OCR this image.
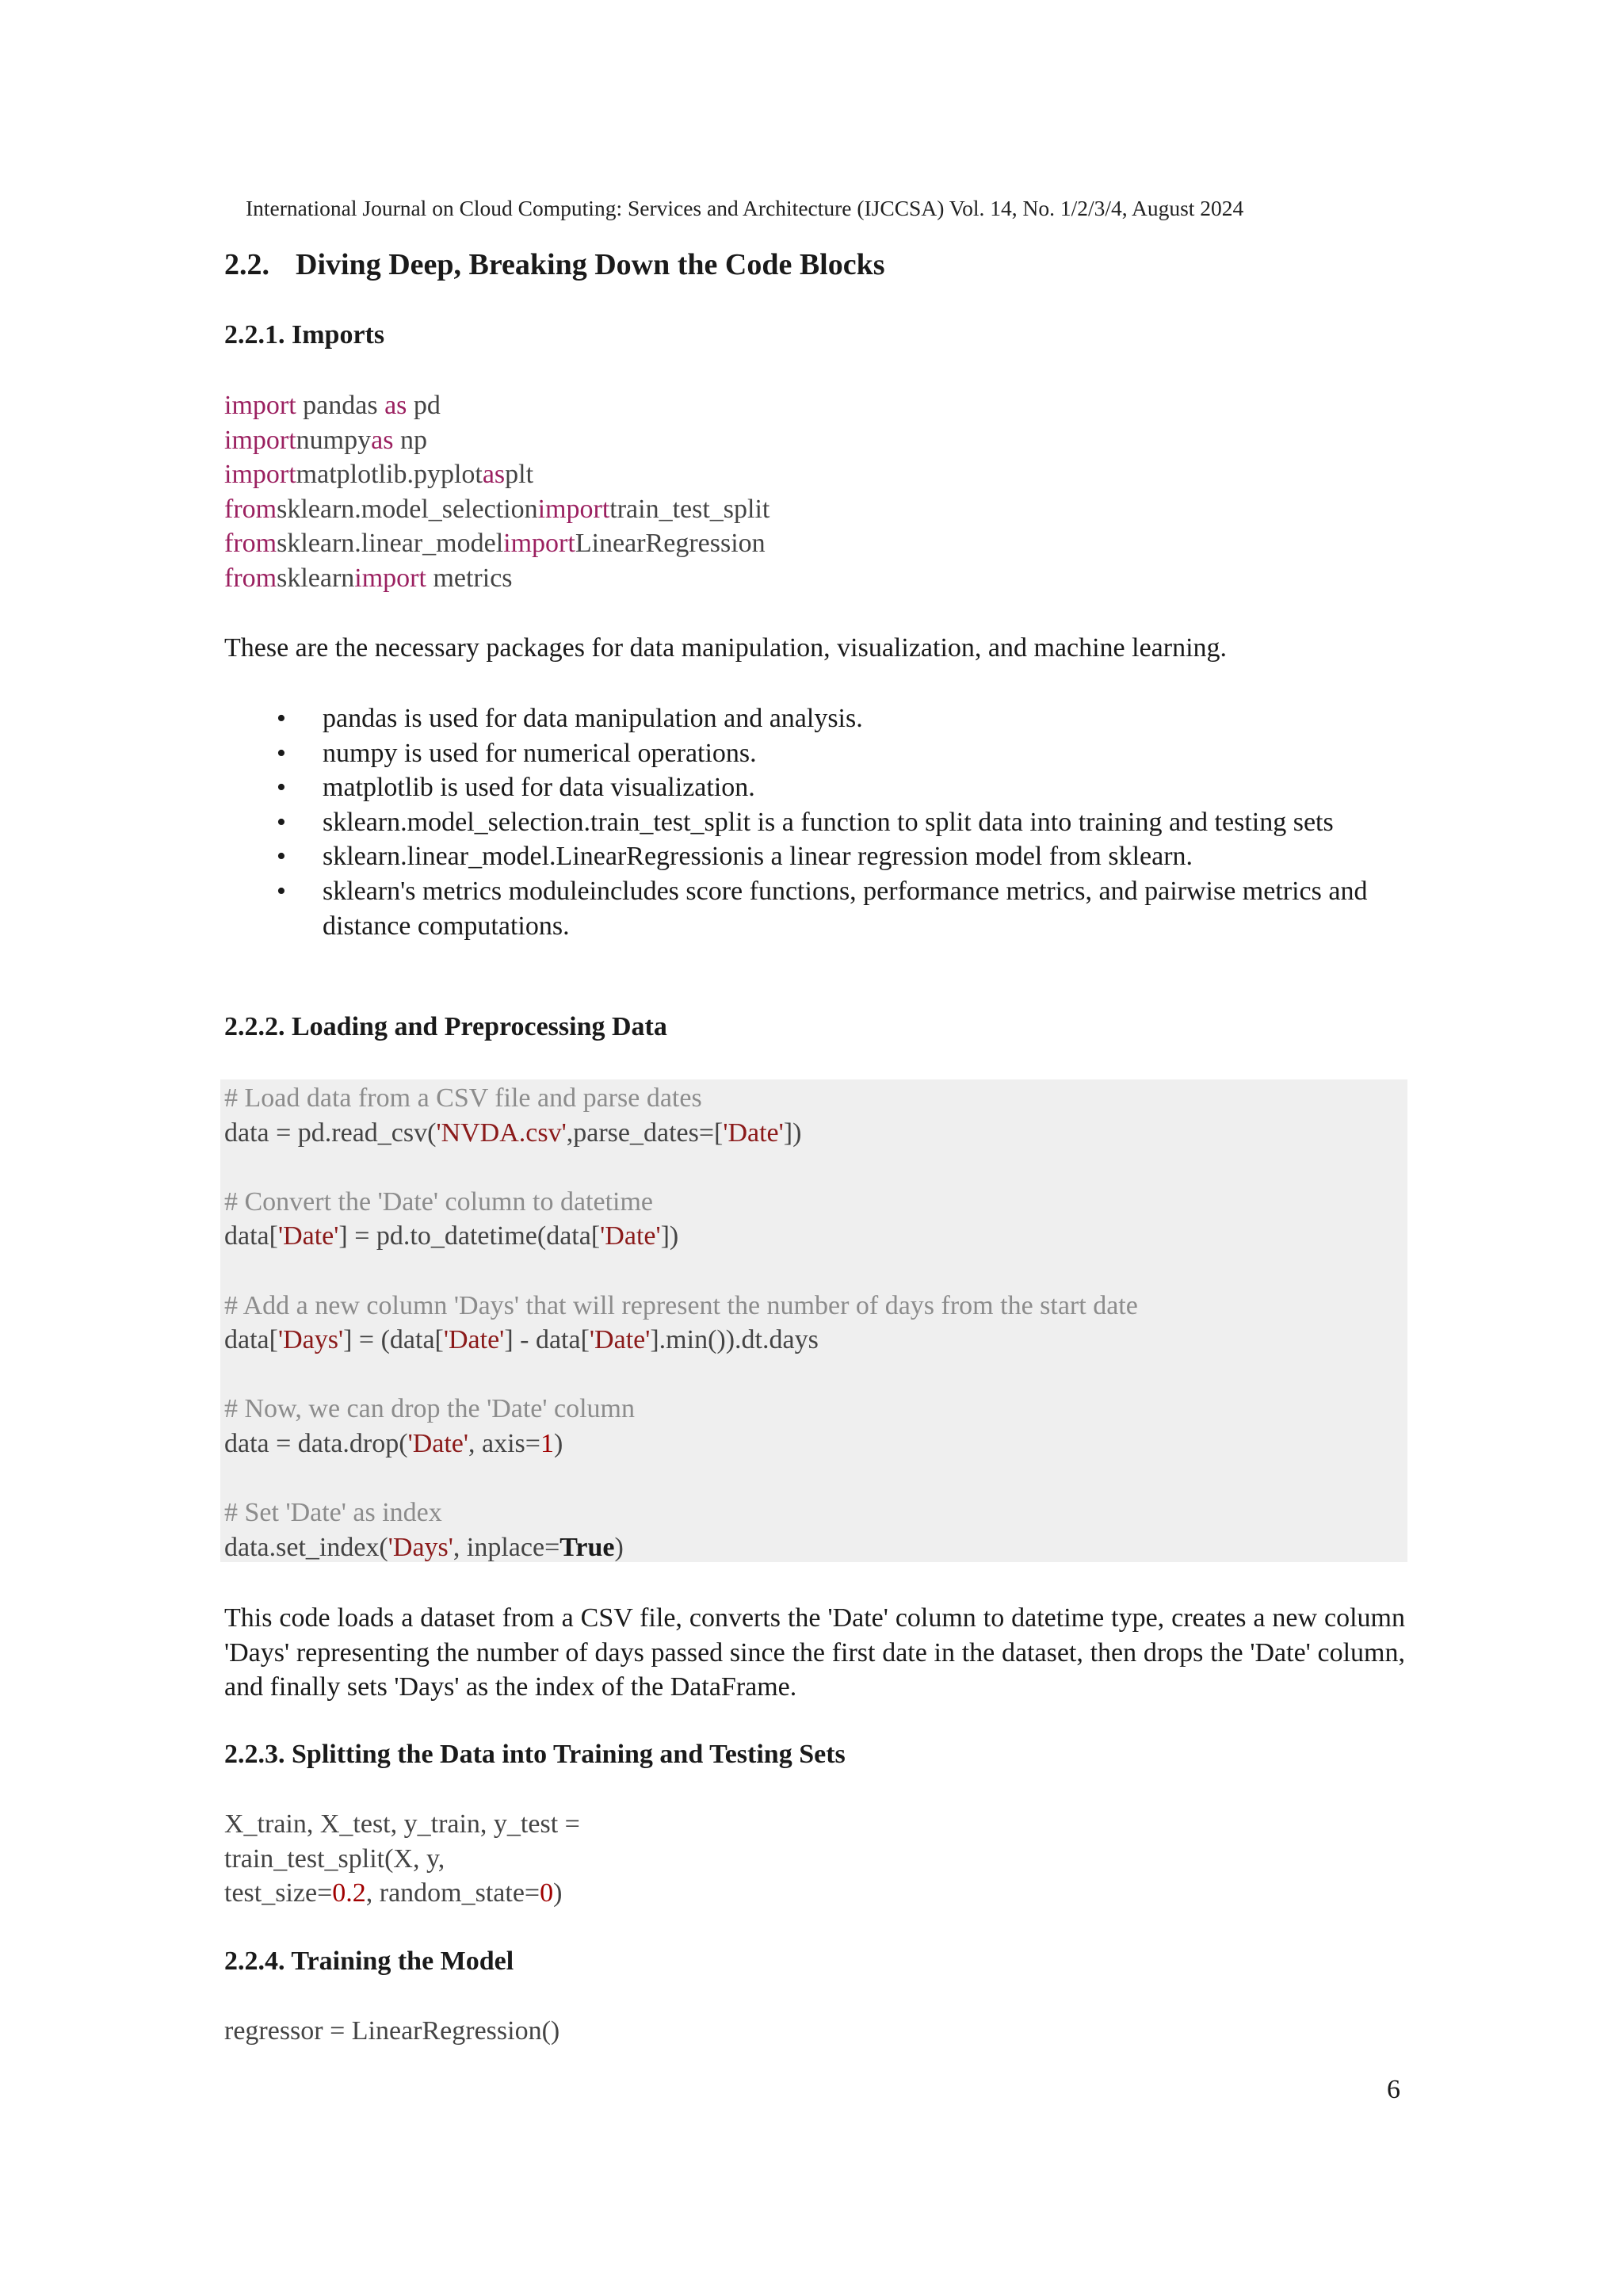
International Journal on Cloud Computing: Services and Architecture (IJCCSA) Vol. 14, No. 1/2/3/4, August 2024
2.2. Diving Deep, Breaking Down the Code Blocks
2.2.1. Imports
import pandas as pd
importnumpyas np
importmatplotlib.pyplotasplt
fromsklearn.model_selectionimporttrain_test_split
fromsklearn.linear_modelimportLinearRegression
fromsklearnimport metrics
These are the necessary packages for data manipulation, visualization, and machine learning.
• pandas is used for data manipulation and analysis.
• numpy is used for numerical operations.
• matplotlib is used for data visualization.
• sklearn.model_selection.train_test_split is a function to split data into training and testing sets
• sklearn.linear_model.LinearRegressionis a linear regression model from sklearn.
• sklearn's metrics moduleincludes score functions, performance metrics, and pairwise metrics and distance computations.
2.2.2. Loading and Preprocessing Data
# Load data from a CSV file and parse dates
data = pd.read_csv('NVDA.csv',parse_dates=['Date'])
# Convert the 'Date' column to datetime
data['Date'] = pd.to_datetime(data['Date'])
# Add a new column 'Days' that will represent the number of days from the start date
data['Days'] = (data['Date'] - data['Date'].min()).dt.days
# Now, we can drop the 'Date' column
data = data.drop('Date', axis=1)
# Set 'Date' as index
data.set_index('Days', inplace=True)
This code loads a dataset from a CSV file, converts the 'Date' column to datetime type, creates a new column 'Days' representing the number of days passed since the first date in the dataset, then drops the 'Date' column, and finally sets 'Days' as the index of the DataFrame.
2.2.3. Splitting the Data into Training and Testing Sets
X_train, X_test, y_train, y_test =
train_test_split(X, y,
test_size=0.2, random_state=0)
2.2.4. Training the Model
regressor = LinearRegression()
6
